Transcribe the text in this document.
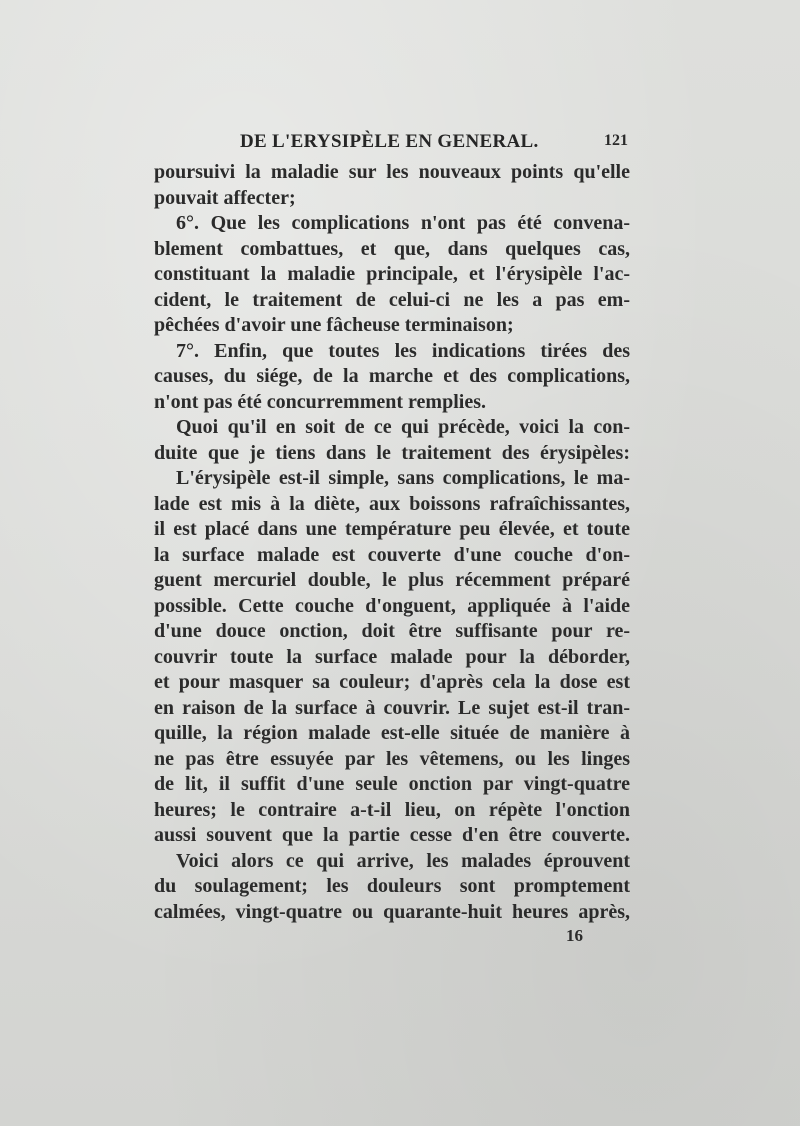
DE L'ERYSIPÈLE EN GENERAL.	121
poursuivi la maladie sur les nouveaux points qu'elle
pouvait affecter;
6°. Que les complications n'ont pas été convena-
blement combattues, et que, dans quelques cas,
constituant la maladie principale, et l'érysipèle l'ac-
cident, le traitement de celui-ci ne les a pas em-
pêchées d'avoir une fâcheuse terminaison;
7°. Enfin, que toutes les indications tirées des
causes, du siége, de la marche et des complications,
n'ont pas été concurremment remplies.
Quoi qu'il en soit de ce qui précède, voici la con-
duite que je tiens dans le traitement des érysipèles:
L'érysipèle est-il simple, sans complications, le ma-
lade est mis à la diète, aux boissons rafraîchissantes,
il est placé dans une température peu élevée, et toute
la surface malade est couverte d'une couche d'on-
guent mercuriel double, le plus récemment préparé
possible. Cette couche d'onguent, appliquée à l'aide
d'une douce onction, doit être suffisante pour re-
couvrir toute la surface malade pour la déborder,
et pour masquer sa couleur; d'après cela la dose est
en raison de la surface à couvrir. Le sujet est-il tran-
quille, la région malade est-elle située de manière à
ne pas être essuyée par les vêtemens, ou les linges
de lit, il suffit d'une seule onction par vingt-quatre
heures; le contraire a-t-il lieu, on répète l'onction
aussi souvent que la partie cesse d'en être couverte.
Voici alors ce qui arrive, les malades éprouvent
du soulagement; les douleurs sont promptement
calmées, vingt-quatre ou quarante-huit heures après,
16
